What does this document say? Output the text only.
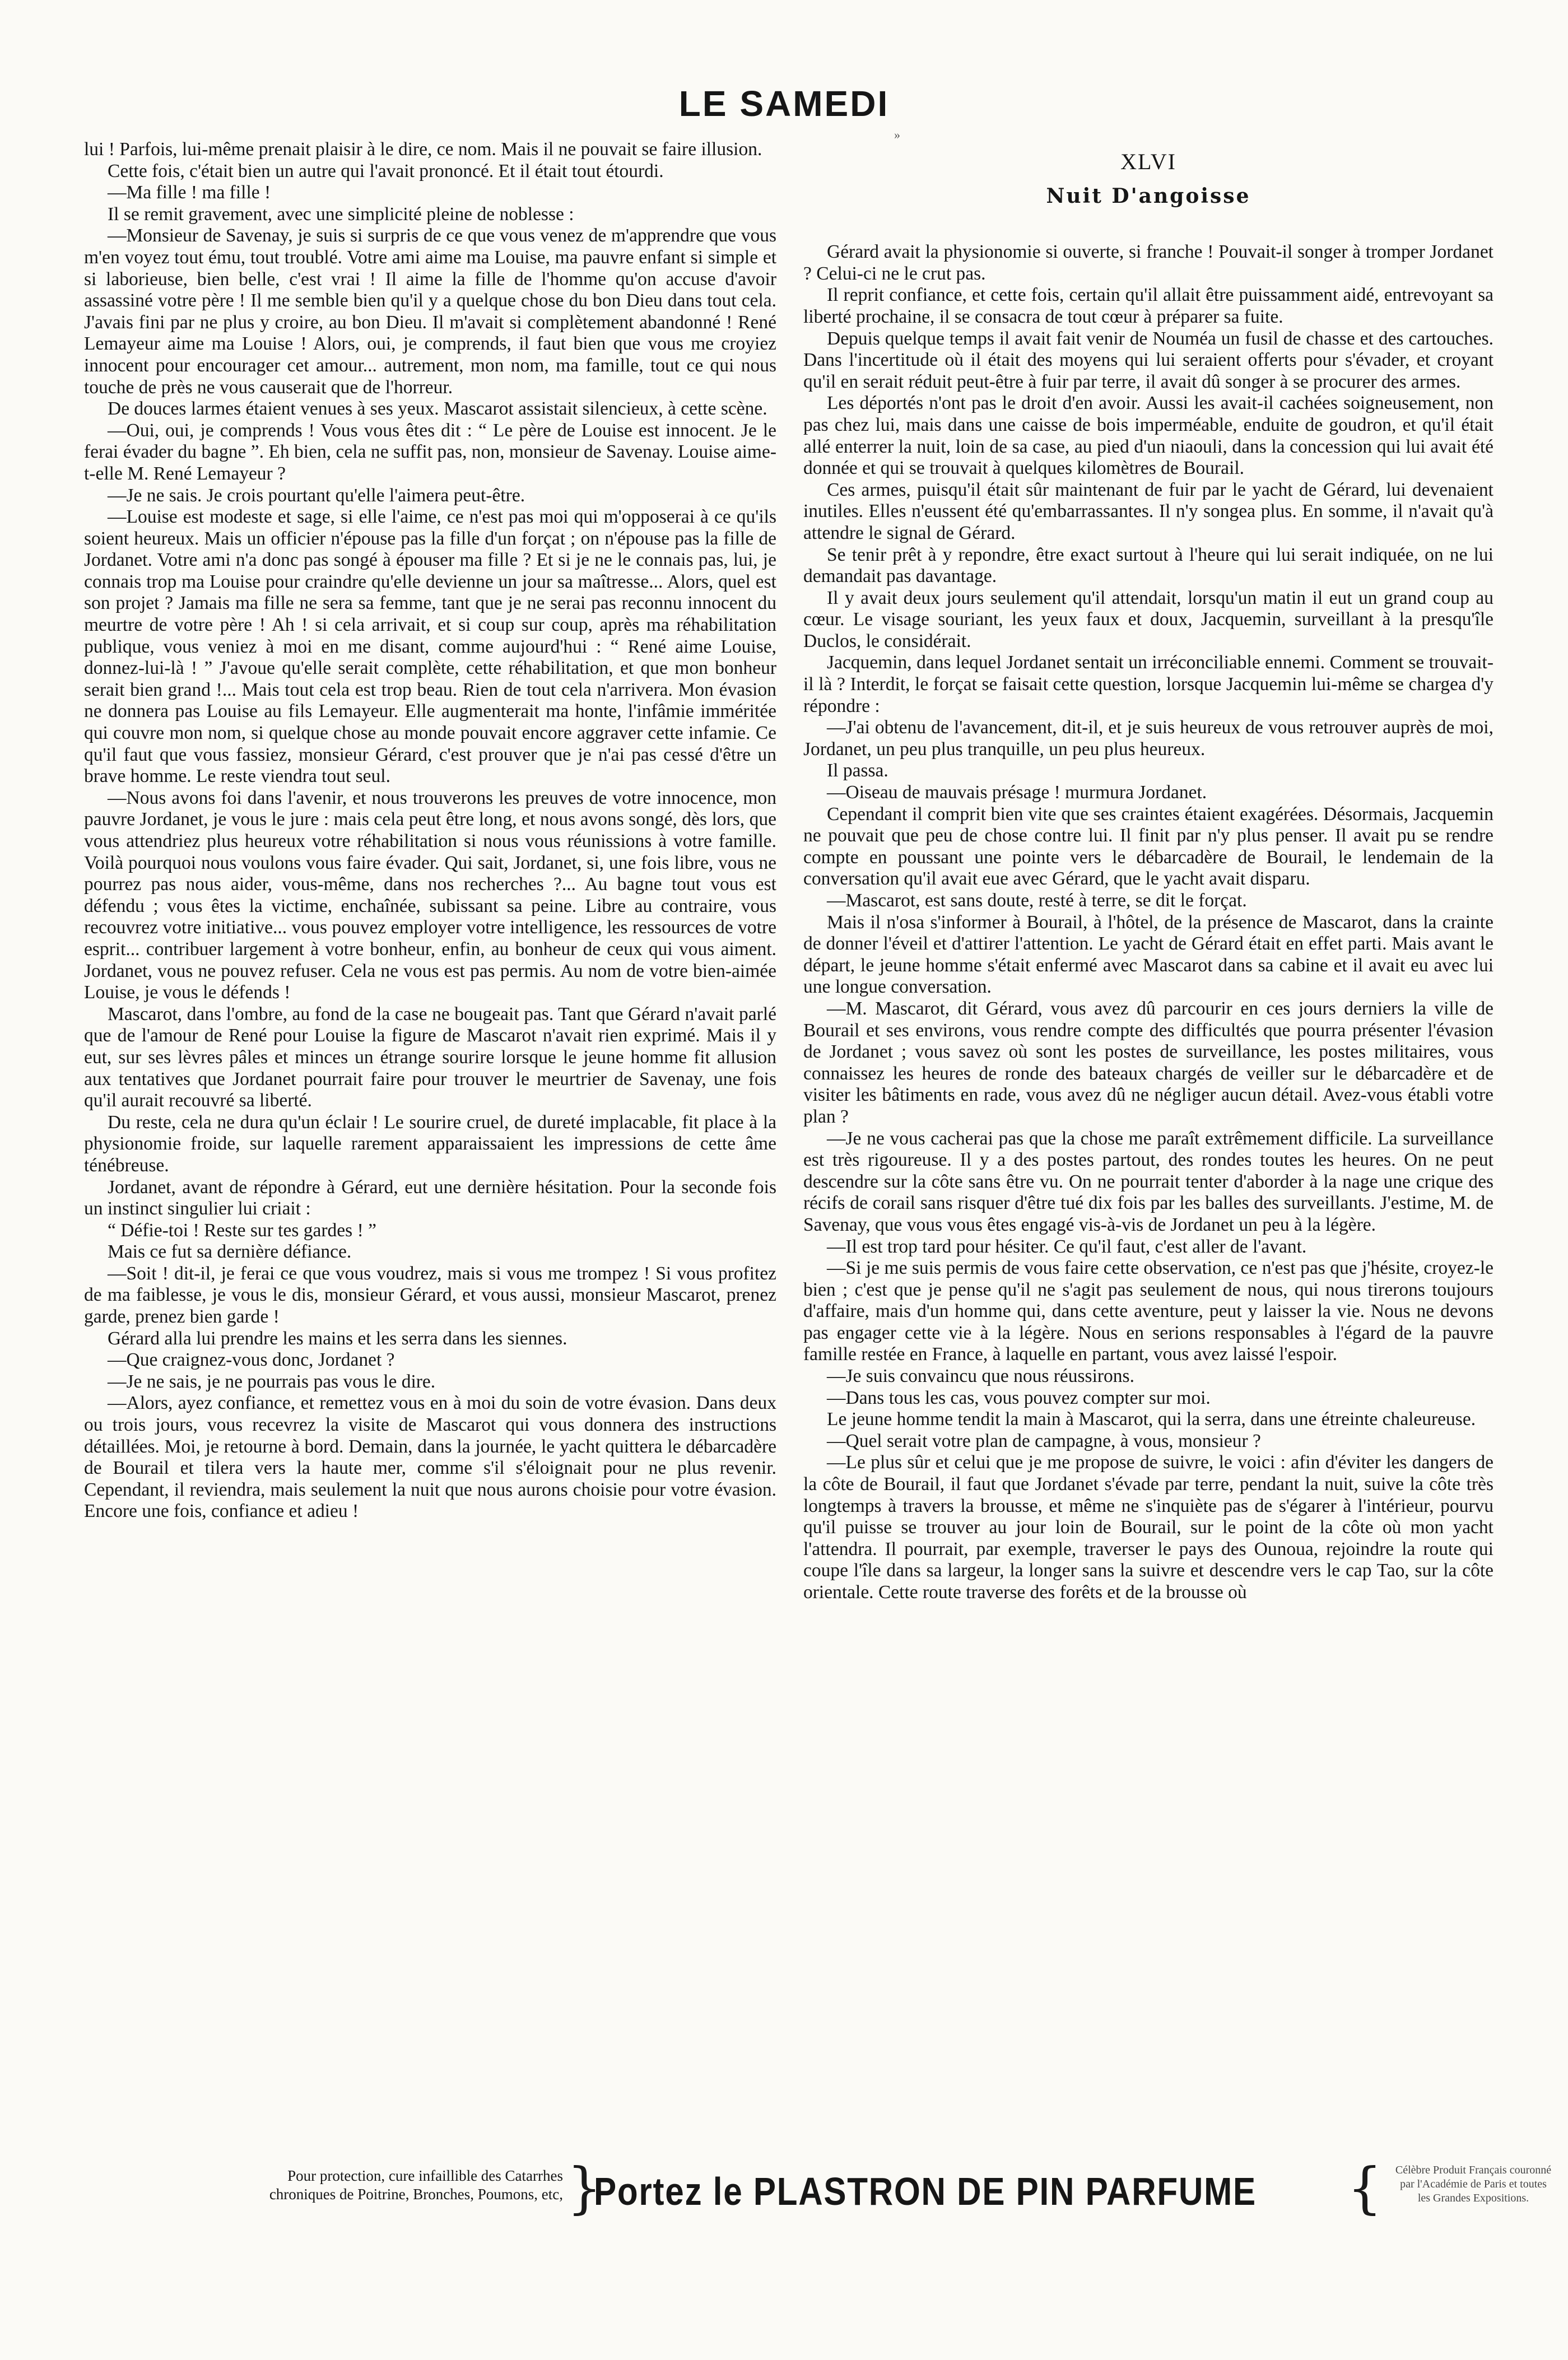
LE SAMEDI
»

lui ! Parfois, lui-même prenait plaisir à le dire, ce nom. Mais il ne pouvait se faire illusion.

Cette fois, c'était bien un autre qui l'avait prononcé. Et il était tout étourdi.

—Ma fille ! ma fille !

Il se remit gravement, avec une simplicité pleine de noblesse :

—Monsieur de Savenay, je suis si surpris de ce que vous venez de m'apprendre que vous m'en voyez tout ému, tout troublé. Votre ami aime ma Louise, ma pauvre enfant si simple et si laborieuse, bien belle, c'est vrai ! Il aime la fille de l'homme qu'on accuse d'avoir assassiné votre père ! Il me semble bien qu'il y a quelque chose du bon Dieu dans tout cela. J'avais fini par ne plus y croire, au bon Dieu. Il m'avait si complètement abandonné ! René Lemayeur aime ma Louise ! Alors, oui, je comprends, il faut bien que vous me croyiez innocent pour encourager cet amour... autrement, mon nom, ma famille, tout ce qui nous touche de près ne vous causerait que de l'horreur.

De douces larmes étaient venues à ses yeux. Mascarot assistait silencieux, à cette scène.

—Oui, oui, je comprends ! Vous vous êtes dit : “ Le père de Louise est innocent. Je le ferai évader du bagne ”. Eh bien, cela ne suffit pas, non, monsieur de Savenay. Louise aime-t-elle M. René Lemayeur ?

—Je ne sais. Je crois pourtant qu'elle l'aimera peut-être.

—Louise est modeste et sage, si elle l'aime, ce n'est pas moi qui m'opposerai à ce qu'ils soient heureux. Mais un officier n'épouse pas la fille d'un forçat ; on n'épouse pas la fille de Jordanet. Votre ami n'a donc pas songé à épouser ma fille ? Et si je ne le connais pas, lui, je connais trop ma Louise pour craindre qu'elle devienne un jour sa maîtresse... Alors, quel est son projet ? Jamais ma fille ne sera sa femme, tant que je ne serai pas reconnu innocent du meurtre de votre père ! Ah ! si cela arrivait, et si coup sur coup, après ma réhabilitation publique, vous veniez à moi en me disant, comme aujourd'hui : “ René aime Louise, donnez-lui-là ! ” J'avoue qu'elle serait complète, cette réhabilitation, et que mon bonheur serait bien grand !... Mais tout cela est trop beau. Rien de tout cela n'arrivera. Mon évasion ne donnera pas Louise au fils Lemayeur. Elle augmenterait ma honte, l'infâmie imméritée qui couvre mon nom, si quelque chose au monde pouvait encore aggraver cette infamie. Ce qu'il faut que vous fassiez, monsieur Gérard, c'est prouver que je n'ai pas cessé d'être un brave homme. Le reste viendra tout seul.

—Nous avons foi dans l'avenir, et nous trouverons les preuves de votre innocence, mon pauvre Jordanet, je vous le jure : mais cela peut être long, et nous avons songé, dès lors, que vous attendriez plus heureux votre réhabilitation si nous vous réunissions à votre famille. Voilà pourquoi nous voulons vous faire évader. Qui sait, Jordanet, si, une fois libre, vous ne pourrez pas nous aider, vous-même, dans nos recherches ?... Au bagne tout vous est défendu ; vous êtes la victime, enchaînée, subissant sa peine. Libre au contraire, vous recouvrez votre initiative... vous pouvez employer votre intelligence, les ressources de votre esprit... contribuer largement à votre bonheur, enfin, au bonheur de ceux qui vous aiment. Jordanet, vous ne pouvez refuser. Cela ne vous est pas permis. Au nom de votre bien-aimée Louise, je vous le défends !

Mascarot, dans l'ombre, au fond de la case ne bougeait pas. Tant que Gérard n'avait parlé que de l'amour de René pour Louise la figure de Mascarot n'avait rien exprimé. Mais il y eut, sur ses lèvres pâles et minces un étrange sourire lorsque le jeune homme fit allusion aux tentatives que Jordanet pourrait faire pour trouver le meurtrier de Savenay, une fois qu'il aurait recouvré sa liberté.

Du reste, cela ne dura qu'un éclair ! Le sourire cruel, de dureté implacable, fit place à la physionomie froide, sur laquelle rarement apparaissaient les impressions de cette âme ténébreuse.

Jordanet, avant de répondre à Gérard, eut une dernière hésitation. Pour la seconde fois un instinct singulier lui criait :

“ Défie-toi ! Reste sur tes gardes ! ”

Mais ce fut sa dernière défiance.

—Soit ! dit-il, je ferai ce que vous voudrez, mais si vous me trompez ! Si vous profitez de ma faiblesse, je vous le dis, monsieur Gérard, et vous aussi, monsieur Mascarot, prenez garde, prenez bien garde !

Gérard alla lui prendre les mains et les serra dans les siennes.

—Que craignez-vous donc, Jordanet ?

—Je ne sais, je ne pourrais pas vous le dire.

—Alors, ayez confiance, et remettez vous en à moi du soin de votre évasion. Dans deux ou trois jours, vous recevrez la visite de Mascarot qui vous donnera des instructions détaillées. Moi, je retourne à bord. Demain, dans la journée, le yacht quittera le débarcadère de Bourail et tilera vers la haute mer, comme s'il s'éloignait pour ne plus revenir. Cependant, il reviendra, mais seulement la nuit que nous aurons choisie pour votre évasion. Encore une fois, confiance et adieu !

XLVI
Nuit D'angoisse

Gérard avait la physionomie si ouverte, si franche ! Pouvait-il songer à tromper Jordanet ? Celui-ci ne le crut pas.

Il reprit confiance, et cette fois, certain qu'il allait être puissamment aidé, entrevoyant sa liberté prochaine, il se consacra de tout cœur à préparer sa fuite.

Depuis quelque temps il avait fait venir de Nouméa un fusil de chasse et des cartouches. Dans l'incertitude où il était des moyens qui lui seraient offerts pour s'évader, et croyant qu'il en serait réduit peut-être à fuir par terre, il avait dû songer à se procurer des armes.

Les déportés n'ont pas le droit d'en avoir. Aussi les avait-il cachées soigneusement, non pas chez lui, mais dans une caisse de bois imperméable, enduite de goudron, et qu'il était allé enterrer la nuit, loin de sa case, au pied d'un niaouli, dans la concession qui lui avait été donnée et qui se trouvait à quelques kilomètres de Bourail.

Ces armes, puisqu'il était sûr maintenant de fuir par le yacht de Gérard, lui devenaient inutiles. Elles n'eussent été qu'embarrassantes. Il n'y songea plus. En somme, il n'avait qu'à attendre le signal de Gérard.

Se tenir prêt à y repondre, être exact surtout à l'heure qui lui serait indiquée, on ne lui demandait pas davantage.

Il y avait deux jours seulement qu'il attendait, lorsqu'un matin il eut un grand coup au cœur. Le visage souriant, les yeux faux et doux, Jacquemin, surveillant à la presqu'île Duclos, le considérait.

Jacquemin, dans lequel Jordanet sentait un irréconciliable ennemi. Comment se trouvait-il là ? Interdit, le forçat se faisait cette question, lorsque Jacquemin lui-même se chargea d'y répondre :

—J'ai obtenu de l'avancement, dit-il, et je suis heureux de vous retrouver auprès de moi, Jordanet, un peu plus tranquille, un peu plus heureux.

Il passa.

—Oiseau de mauvais présage ! murmura Jordanet.

Cependant il comprit bien vite que ses craintes étaient exagérées. Désormais, Jacquemin ne pouvait que peu de chose contre lui. Il finit par n'y plus penser. Il avait pu se rendre compte en poussant une pointe vers le débarcadère de Bourail, le lendemain de la conversation qu'il avait eue avec Gérard, que le yacht avait disparu.

—Mascarot, est sans doute, resté à terre, se dit le forçat.

Mais il n'osa s'informer à Bourail, à l'hôtel, de la présence de Mascarot, dans la crainte de donner l'éveil et d'attirer l'attention. Le yacht de Gérard était en effet parti. Mais avant le départ, le jeune homme s'était enfermé avec Mascarot dans sa cabine et il avait eu avec lui une longue conversation.

—M. Mascarot, dit Gérard, vous avez dû parcourir en ces jours derniers la ville de Bourail et ses environs, vous rendre compte des difficultés que pourra présenter l'évasion de Jordanet ; vous savez où sont les postes de surveillance, les postes militaires, vous connaissez les heures de ronde des bateaux chargés de veiller sur le débarcadère et de visiter les bâtiments en rade, vous avez dû ne négliger aucun détail. Avez-vous établi votre plan ?

—Je ne vous cacherai pas que la chose me paraît extrêmement difficile. La surveillance est très rigoureuse. Il y a des postes partout, des rondes toutes les heures. On ne peut descendre sur la côte sans être vu. On ne pourrait tenter d'aborder à la nage une crique des récifs de corail sans risquer d'être tué dix fois par les balles des surveillants. J'estime, M. de Savenay, que vous vous êtes engagé vis-à-vis de Jordanet un peu à la légère.

—Il est trop tard pour hésiter. Ce qu'il faut, c'est aller de l'avant.

—Si je me suis permis de vous faire cette observation, ce n'est pas que j'hésite, croyez-le bien ; c'est que je pense qu'il ne s'agit pas seulement de nous, qui nous tirerons toujours d'affaire, mais d'un homme qui, dans cette aventure, peut y laisser la vie. Nous ne devons pas engager cette vie à la légère. Nous en serions responsables à l'égard de la pauvre famille restée en France, à laquelle en partant, vous avez laissé l'espoir.

—Je suis convaincu que nous réussirons.

—Dans tous les cas, vous pouvez compter sur moi.

Le jeune homme tendit la main à Mascarot, qui la serra, dans une étreinte chaleureuse.

—Quel serait votre plan de campagne, à vous, monsieur ?

—Le plus sûr et celui que je me propose de suivre, le voici : afin d'éviter les dangers de la côte de Bourail, il faut que Jordanet s'évade par terre, pendant la nuit, suive la côte très longtemps à travers la brousse, et même ne s'inquiète pas de s'égarer à l'intérieur, pourvu qu'il puisse se trouver au jour loin de Bourail, sur le point de la côte où mon yacht l'attendra. Il pourrait, par exemple, traverser le pays des Ounoua, rejoindre la route qui coupe l'île dans sa largeur, la longer sans la suivre et descendre vers le cap Tao, sur la côte orientale. Cette route traverse des forêts et de la brousse où

Pour protection, cure infaillible des Catarrhes
chroniques de Poitrine, Bronches, Poumons, etc, }
Portez le PLASTRON DE PIN PARFUME {	Célèbre Produit Français couronné
par l'Académie de Paris et toutes
les Grandes Expositions.
